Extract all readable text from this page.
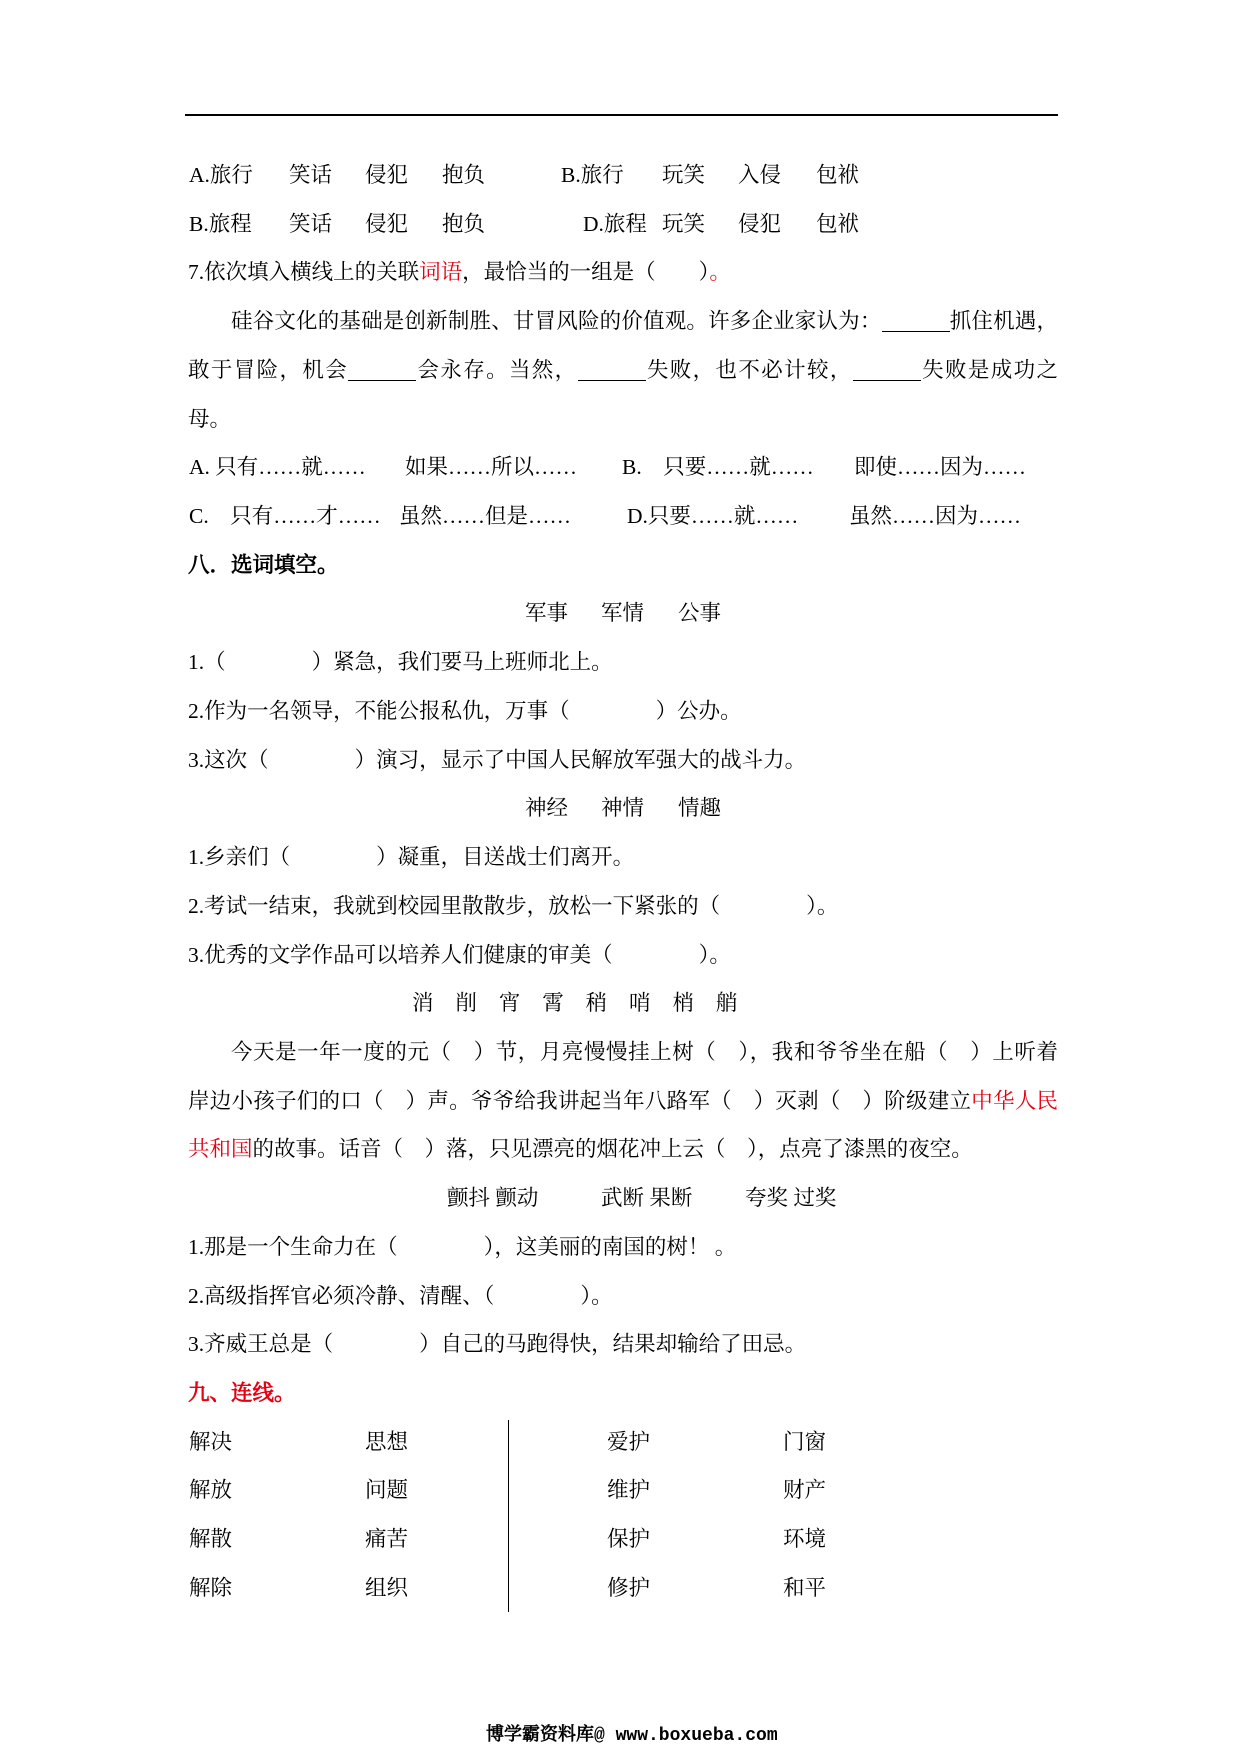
A.旅行 笑话 侵犯 抱负	B.旅行 玩笑 入侵 包袱
B.旅程 笑话 侵犯 抱负	D.旅程 玩笑 侵犯 包袱
7.依次填入横线上的关联词语，最恰当的一组是（　　）。
硅谷文化的基础是创新制胜、甘冒风险的价值观。许多企业家认为：	抓住机遇，
敢于冒险，机会	会永存。当然，	失败，也不必计较，	失败是成功之
母。
A. 只有……就…… 如果……所以…… B.　只要……就…… 即使……因为……
C.　只有……才…… 虽然……但是……	D.只要……就…… 虽然……因为……
八．选词填空。
军事 军情 公事
1.（　　　　）紧急，我们要马上班师北上。
2.作为一名领导，不能公报私仇，万事（　　　　）公办。
3.这次（　　　　）演习，显示了中国人民解放军强大的战斗力。
神经 神情 情趣
1.乡亲们（　　　　）凝重，目送战士们离开。
2.考试一结束，我就到校园里散散步，放松一下紧张的（　　　　）。
3.优秀的文学作品可以培养人们健康的审美（　　　　）。
消 削 宵 霄 稍 哨 梢 艄
今天是一年一度的元（　）节，月亮慢慢挂上树（　），我和爷爷坐在船（　）上听着
岸边小孩子们的口（　）声。爷爷给我讲起当年八路军（　）灭剥（　）阶级建立中华人民
共和国的故事。话音（　）落，只见漂亮的烟花冲上云（　），点亮了漆黑的夜空。
颤抖 颤动	武断 果断 夸奖 过奖
1.那是一个生命力在（　　　　），这美丽的南国的树！ 。
2.高级指挥官必须冷静、清醒、（　　　　）。
3.齐威王总是（　　　　）自己的马跑得快，结果却输给了田忌。
九、连线。
解决	思想	爱护	门窗
解放	问题	维护	财产
解散	痛苦	保护	环境
解除	组织	修护	和平
博学霸资料库@ www.boxueba.com
